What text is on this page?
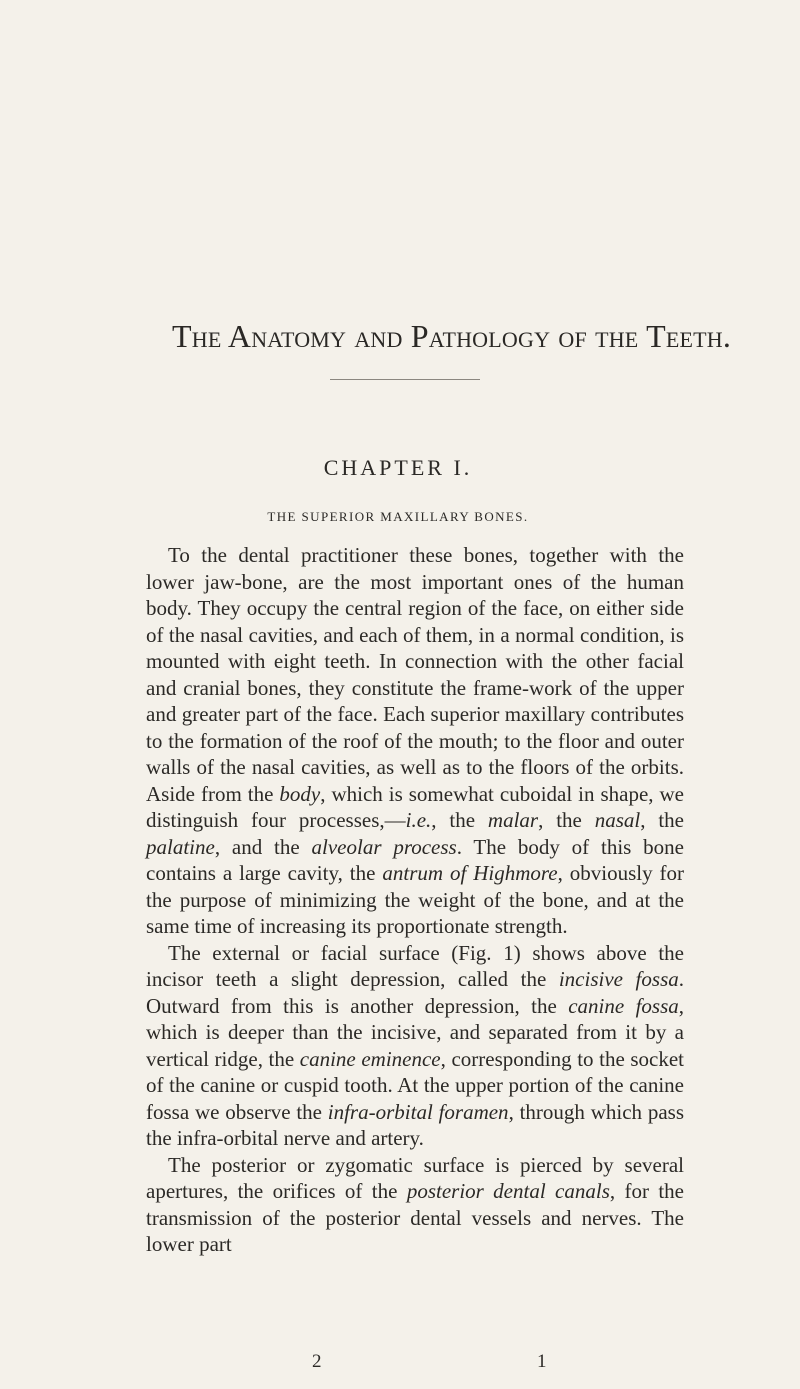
The Anatomy and Pathology of the Teeth.
CHAPTER I.
THE SUPERIOR MAXILLARY BONES.

To the dental practitioner these bones, together with the lower jaw-bone, are the most important ones of the human body. They occupy the central region of the face, on either side of the nasal cavities, and each of them, in a normal condition, is mounted with eight teeth. In connection with the other facial and cranial bones, they constitute the frame-work of the upper and greater part of the face. Each superior maxillary contributes to the formation of the roof of the mouth; to the floor and outer walls of the nasal cavities, as well as to the floors of the orbits. Aside from the body, which is somewhat cuboidal in shape, we distinguish four processes,—i.e., the malar, the nasal, the palatine, and the alveolar process. The body of this bone contains a large cavity, the antrum of Highmore, obviously for the purpose of minimizing the weight of the bone, and at the same time of increasing its proportionate strength.

The external or facial surface (Fig. 1) shows above the incisor teeth a slight depression, called the incisive fossa. Outward from this is another depression, the canine fossa, which is deeper than the incisive, and separated from it by a vertical ridge, the canine eminence, corresponding to the socket of the canine or cuspid tooth. At the upper portion of the canine fossa we observe the infra-orbital foramen, through which pass the infra-orbital nerve and artery.

The posterior or zygomatic surface is pierced by several apertures, the orifices of the posterior dental canals, for the transmission of the posterior dental vessels and nerves. The lower part

2	1
